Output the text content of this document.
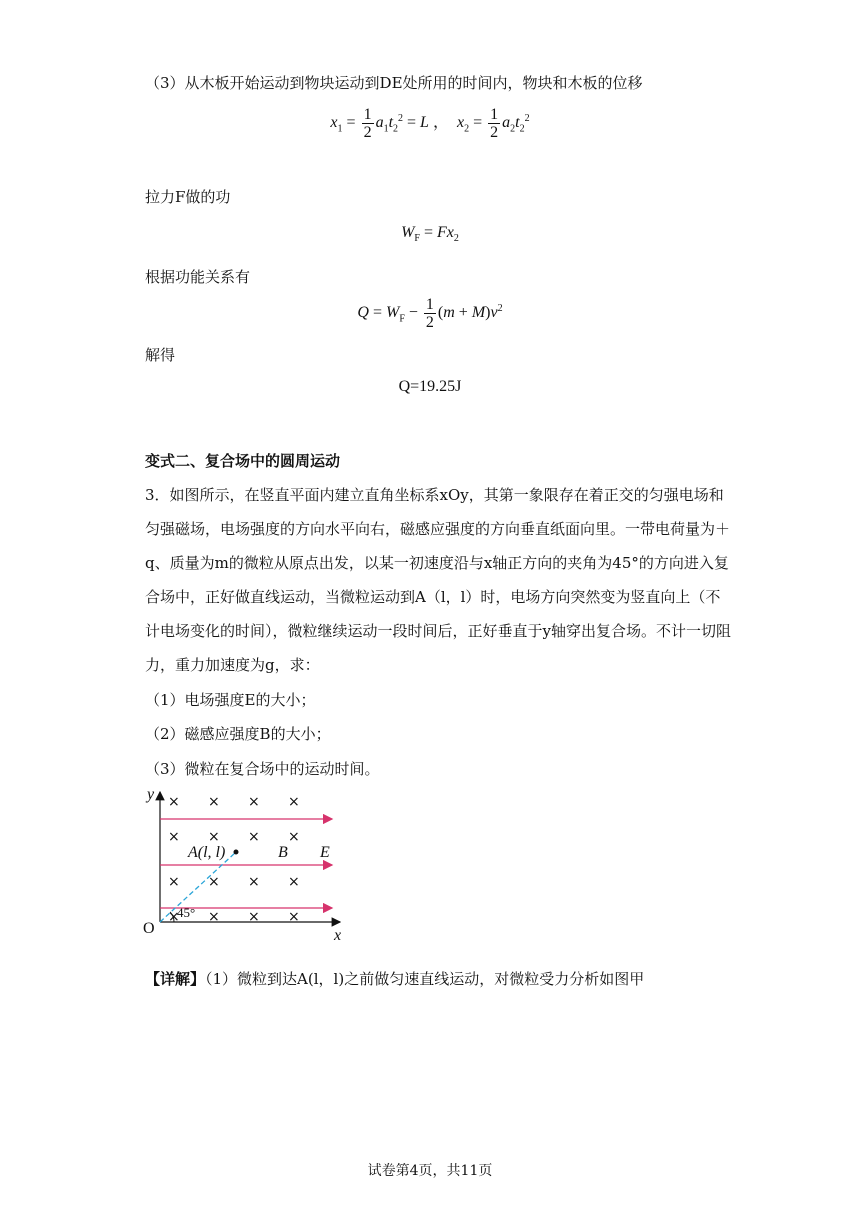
（3）从木板开始运动到物块运动到DE处所用的时间内，物块和木板的位移
$x_1 = \frac{1}{2} a_1t_2^2 = L$ ，  $x_2 = \frac{1}{2} a_2t_2^2$
拉力F做的功
$W_F = Fx_2$
根据功能关系有
$Q = W_F - \frac{1}{2} (m + M)v^2$
解得
Q=19.25J
变式二、复合场中的圆周运动
3．如图所示，在竖直平面内建立直角坐标系xOy，其第一象限存在着正交的匀强电场和匀强磁场，电场强度的方向水平向右，磁感应强度的方向垂直纸面向里。一带电荷量为＋q、质量为m的微粒从原点出发，以某一初速度沿与x轴正方向的夹角为45°的方向进入复合场中，正好做直线运动，当微粒运动到A（l，l）时，电场方向突然变为竖直向上（不计电场变化的时间），微粒继续运动一段时间后，正好垂直于y轴穿出复合场。不计一切阻力，重力加速度为g，求：
（1）电场强度E的大小；
（2）磁感应强度B的大小；
（3）微粒在复合场中的运动时间。
× × × ×
× × × ×
× × × ×
× × × ×
y
x
O
A(l, l)	B E
45°
【详解】（1）微粒到达A(l，l)之前做匀速直线运动，对微粒受力分析如图甲
试卷第4页，共11页
